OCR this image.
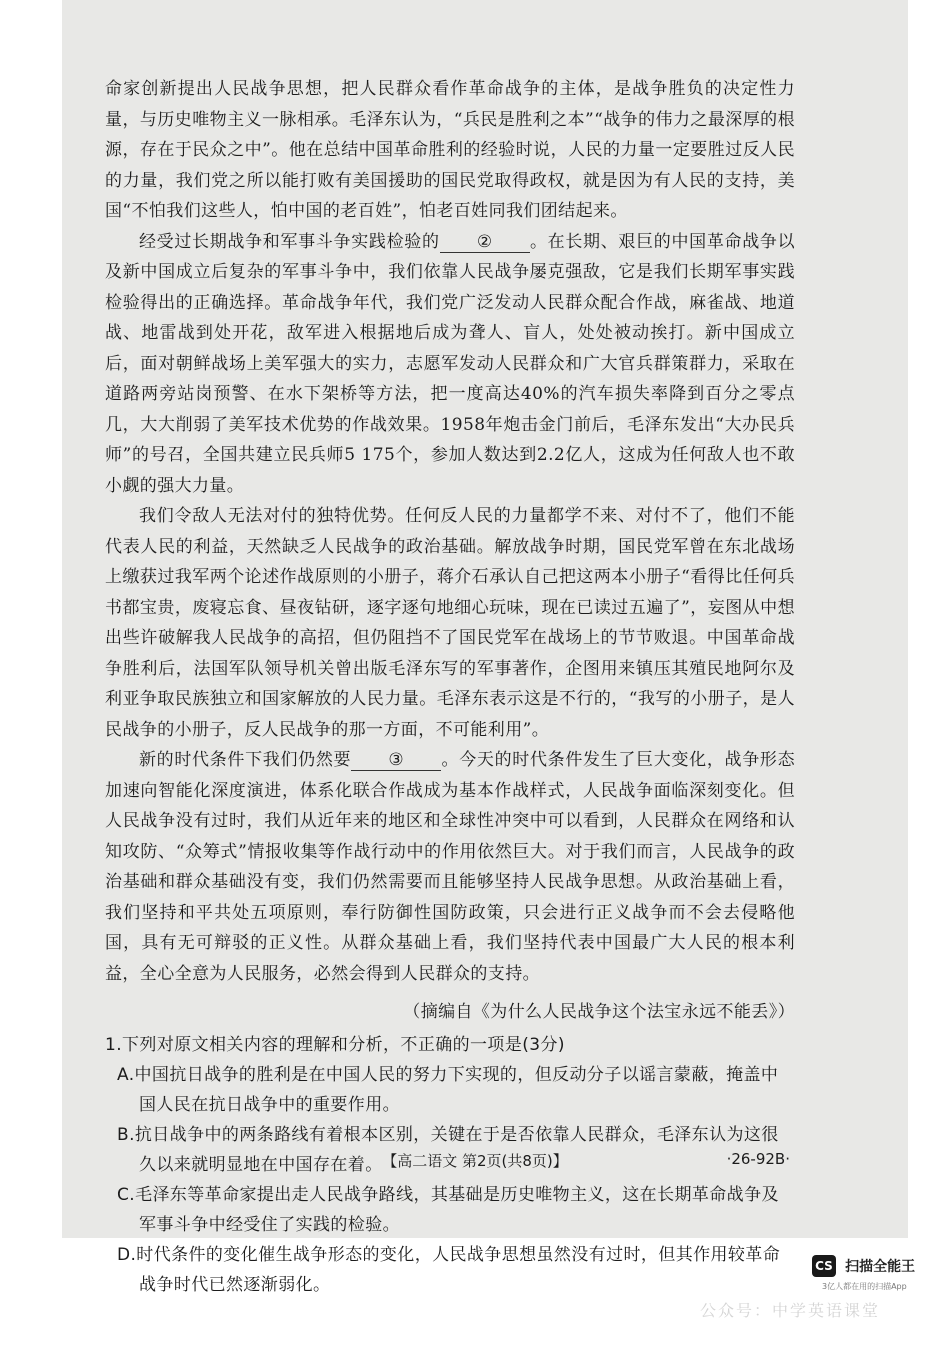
命家创新提出人民战争思想，把人民群众看作革命战争的主体，是战争胜负的决定性力量，与历史唯物主义一脉相承。毛泽东认为，“兵民是胜利之本”“战争的伟力之最深厚的根源，存在于民众之中”。他在总结中国革命胜利的经验时说，人民的力量一定要胜过反人民的力量，我们党之所以能打败有美国援助的国民党取得政权，就是因为有人民的支持，美国“不怕我们这些人，怕中国的老百姓”，怕老百姓同我们团结起来。

经受过长期战争和军事斗争实践检验的 ② 。在长期、艰巨的中国革命战争以及新中国成立后复杂的军事斗争中，我们依靠人民战争屡克强敌，它是我们长期军事实践检验得出的正确选择。革命战争年代，我们党广泛发动人民群众配合作战，麻雀战、地道战、地雷战到处开花，敌军进入根据地后成为聋人、盲人，处处被动挨打。新中国成立后，面对朝鲜战场上美军强大的实力，志愿军发动人民群众和广大官兵群策群力，采取在道路两旁站岗预警、在水下架桥等方法，把一度高达40%的汽车损失率降到百分之零点几，大大削弱了美军技术优势的作战效果。1958年炮击金门前后，毛泽东发出“大办民兵师”的号召，全国共建立民兵师5 175个，参加人数达到2.2亿人，这成为任何敌人也不敢小觑的强大力量。

我们令敌人无法对付的独特优势。任何反人民的力量都学不来、对付不了，他们不能代表人民的利益，天然缺乏人民战争的政治基础。解放战争时期，国民党军曾在东北战场上缴获过我军两个论述作战原则的小册子，蒋介石承认自己把这两本小册子“看得比任何兵书都宝贵，废寝忘食、昼夜钻研，逐字逐句地细心玩味，现在已读过五遍了”，妄图从中想出些许破解我人民战争的高招，但仍阻挡不了国民党军在战场上的节节败退。中国革命战争胜利后，法国军队领导机关曾出版毛泽东写的军事著作，企图用来镇压其殖民地阿尔及利亚争取民族独立和国家解放的人民力量。毛泽东表示这是不行的，“我写的小册子，是人民战争的小册子，反人民战争的那一方面，不可能利用”。

新的时代条件下我们仍然要 ③ 。今天的时代条件发生了巨大变化，战争形态加速向智能化深度演进，体系化联合作战成为基本作战样式，人民战争面临深刻变化。但人民战争没有过时，我们从近年来的地区和全球性冲突中可以看到，人民群众在网络和认知攻防、“众筹式”情报收集等作战行动中的作用依然巨大。对于我们而言，人民战争的政治基础和群众基础没有变，我们仍然需要而且能够坚持人民战争思想。从政治基础上看，我们坚持和平共处五项原则，奉行防御性国防政策，只会进行正义战争而不会去侵略他国，具有无可辩驳的正义性。从群众基础上看，我们坚持代表中国最广大人民的根本利益，全心全意为人民服务，必然会得到人民群众的支持。

（摘编自《为什么人民战争这个法宝永远不能丢》）

1.下列对原文相关内容的理解和分析，不正确的一项是(3分)

A.中国抗日战争的胜利是在中国人民的努力下实现的，但反动分子以谣言蒙蔽，掩盖中国人民在抗日战争中的重要作用。

B.抗日战争中的两条路线有着根本区别，关键在于是否依靠人民群众，毛泽东认为这很久以来就明显地在中国存在着。

C.毛泽东等革命家提出走人民战争路线，其基础是历史唯物主义，这在长期革命战争及军事斗争中经受住了实践的检验。

D.时代条件的变化催生战争形态的变化，人民战争思想虽然没有过时，但其作用较革命战争时代已然逐渐弱化。

【高二语文 第2页(共8页)】	·26-92B·
CS 扫描全能王
3亿人都在用的扫描App
公众号：中学英语课堂
